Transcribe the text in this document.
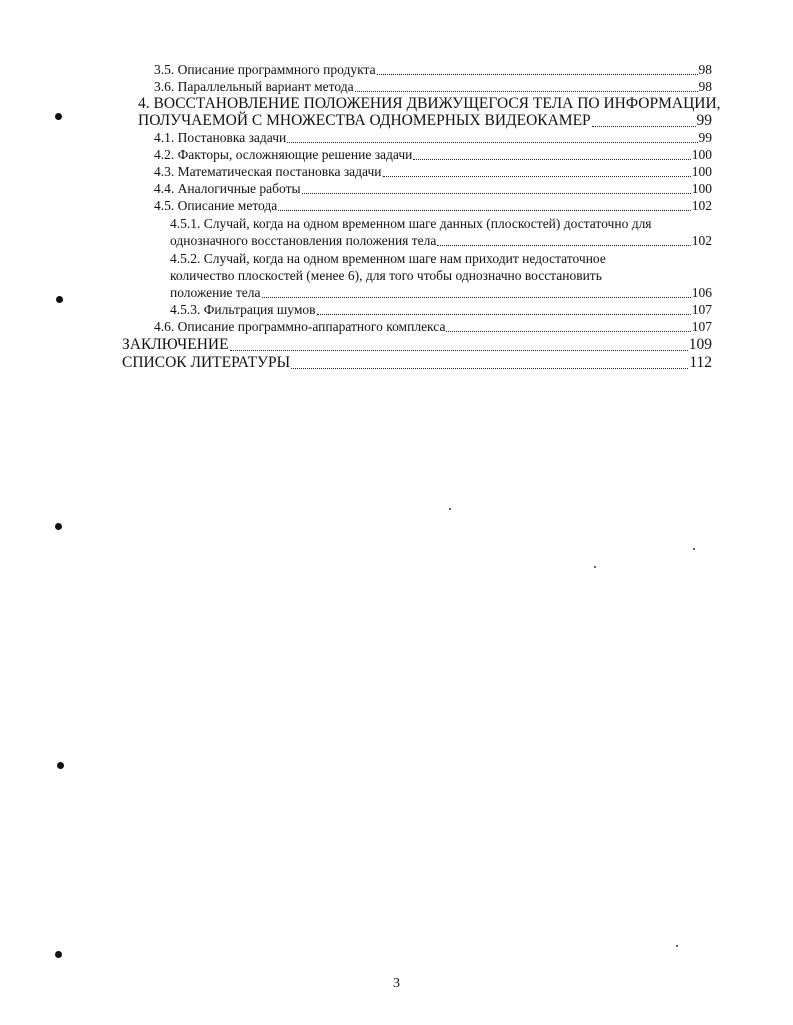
3.5. Описание программного продукта	98
3.6. Параллельный вариант метода	98
4. ВОССТАНОВЛЕНИЕ ПОЛОЖЕНИЯ ДВИЖУЩЕГОСЯ ТЕЛА ПО ИНФОРМАЦИИ,
ПОЛУЧАЕМОЙ С МНОЖЕСТВА ОДНОМЕРНЫХ ВИДЕОКАМЕР	99
4.1. Постановка задачи	99
4.2. Факторы, осложняющие решение задачи	100
4.3. Математическая постановка задачи	100
4.4. Аналогичные работы	100
4.5. Описание метода	102
4.5.1. Случай, когда на одном временном шаге данных (плоскостей) достаточно для
однозначного восстановления положения тела	102
4.5.2. Случай, когда на одном временном шаге нам приходит недостаточное
количество плоскостей (менее 6), для того чтобы однозначно восстановить
положение тела	106
4.5.3. Фильтрация шумов	107
4.6. Описание программно-аппаратного комплекса	107
ЗАКЛЮЧЕНИЕ	109
СПИСОК ЛИТЕРАТУРЫ	112
3
